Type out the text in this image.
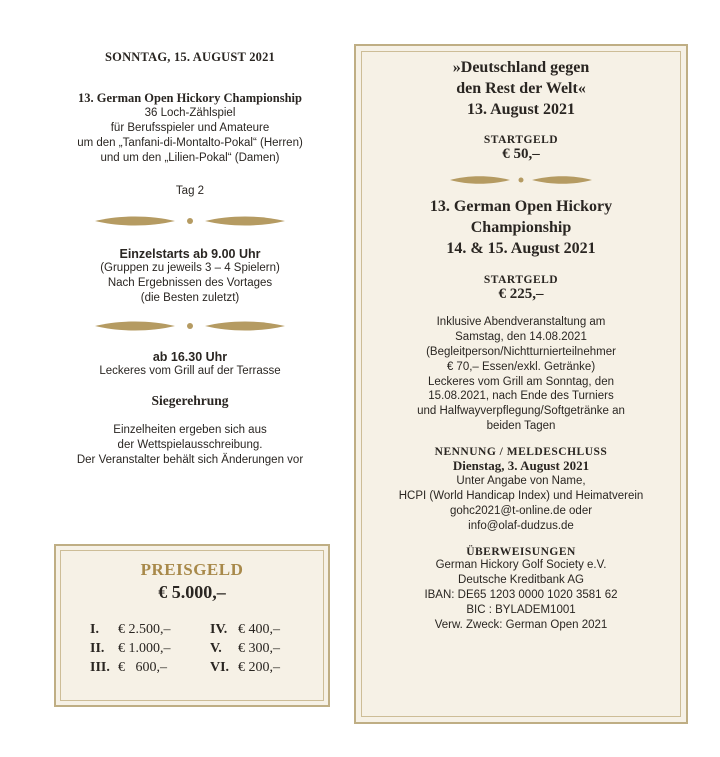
SONNTAG, 15. AUGUST 2021
13. German Open Hickory Championship
36 Loch-Zählspiel
für Berufsspieler und Amateure
um den „Tanfani-di-Montalto-Pokal“ (Herren)
und um den „Lilien-Pokal“ (Damen)
Tag 2
Einzelstarts ab 9.00 Uhr
(Gruppen zu jeweils 3 – 4 Spielern)
Nach Ergebnissen des Vortages
(die Besten zuletzt)
ab 16.30 Uhr
Leckeres vom Grill auf der Terrasse
Siegerehrung
Einzelheiten ergeben sich aus
der Wettspielausschreibung.
Der Veranstalter behält sich Änderungen vor
PREISGELD
€ 5.000,–
I.	€ 2.500,–	IV. € 400,–
II. € 1.000,–	V.	€ 300,–
III. €   600,–	VI. € 200,–
»Deutschland gegen
den Rest der Welt«
13. August 2021
STARTGELD
€ 50,–
13. German Open Hickory
Championship
14. & 15. August 2021
STARTGELD
€ 225,–
Inklusive Abendveranstaltung am
Samstag, den 14.08.2021
(Begleitperson/Nichtturnierteilnehmer
€ 70,– Essen/exkl. Getränke)
Leckeres vom Grill am Sonntag, den
15.08.2021, nach Ende des Turniers
und Halfwayverpflegung/Softgetränke an
beiden Tagen
NENNUNG / MELDESCHLUSS
Dienstag, 3. August 2021
Unter Angabe von Name,
HCPI (World Handicap Index) und Heimatverein
gohc2021@t-online.de oder
info@olaf-dudzus.de
ÜBERWEISUNGEN
German Hickory Golf Society e.V.
Deutsche Kreditbank AG
IBAN: DE65 1203 0000 1020 3581 62
BIC : BYLADEM1001
Verw. Zweck: German Open 2021
